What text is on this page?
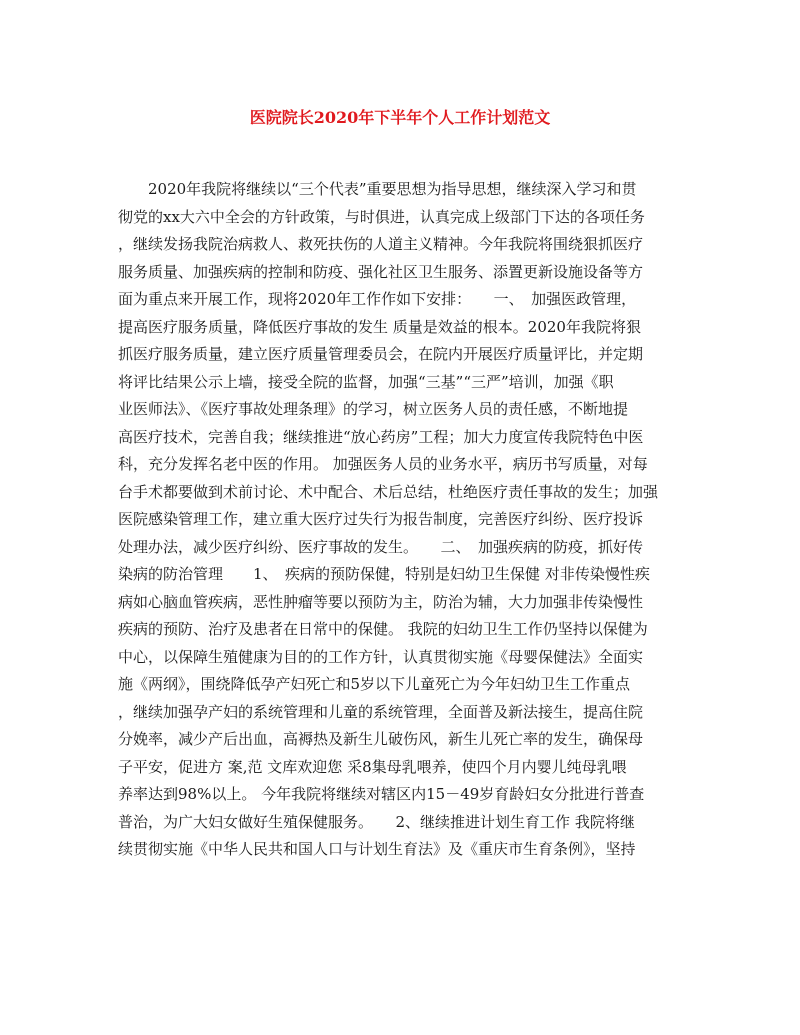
医院院长2020年下半年个人工作计划范文
　　2020年我院将继续以“三个代表”重要思想为指导思想，继续深入学习和贯
彻党的xx大六中全会的方针政策，与时俱进，认真完成上级部门下达的各项任务
，继续发扬我院治病救人、救死扶伤的人道主义精神。今年我院将围绕狠抓医疗
服务质量、加强疾病的控制和防疫、强化社区卫生服务、添置更新设施设备等方
面为重点来开展工作，现将2020年工作作如下安排：　　一、　加强医政管理，
提高医疗服务质量，降低医疗事故的发生 质量是效益的根本。2020年我院将狠
抓医疗服务质量，建立医疗质量管理委员会，在院内开展医疗质量评比，并定期
将评比结果公示上墙，接受全院的监督，加强“三基”“三严”培训，加强《职
业医师法》、《医疗事故处理条理》的学习，树立医务人员的责任感，不断地提
高医疗技术，完善自我；继续推进“放心药房”工程；加大力度宣传我院特色中医
科，充分发挥名老中医的作用。 加强医务人员的业务水平，病历书写质量，对每
台手术都要做到术前讨论、术中配合、术后总结，杜绝医疗责任事故的发生；加强
医院感染管理工作，建立重大医疗过失行为报告制度，完善医疗纠纷、医疗投诉
处理办法，减少医疗纠纷、医疗事故的发生。　　二、　加强疾病的防疫，抓好传
染病的防治管理　　1、　疾病的预防保健，特别是妇幼卫生保健 对非传染慢性疾
病如心脑血管疾病，恶性肿瘤等要以预防为主，防治为辅，大力加强非传染慢性
疾病的预防、治疗及患者在日常中的保健。 我院的妇幼卫生工作仍坚持以保健为
中心，以保障生殖健康为目的的工作方针，认真贯彻实施《母婴保健法》全面实
施《两纲》，围绕降低孕产妇死亡和5岁以下儿童死亡为今年妇幼卫生工作重点
，继续加强孕产妇的系统管理和儿童的系统管理，全面普及新法接生，提高住院
分娩率，减少产后出血，高褥热及新生儿破伤风，新生儿死亡率的发生，确保母
子平安，促进方 案,范 文库欢迎您 采8集母乳喂养，使四个月内婴儿纯母乳喂
养率达到98%以上。 今年我院将继续对辖区内15－49岁育龄妇女分批进行普查
普治，为广大妇女做好生殖保健服务。　　2、继续推进计划生育工作 我院将继
续贯彻实施《中华人民共和国人口与计划生育法》及《重庆市生育条例》，坚持
